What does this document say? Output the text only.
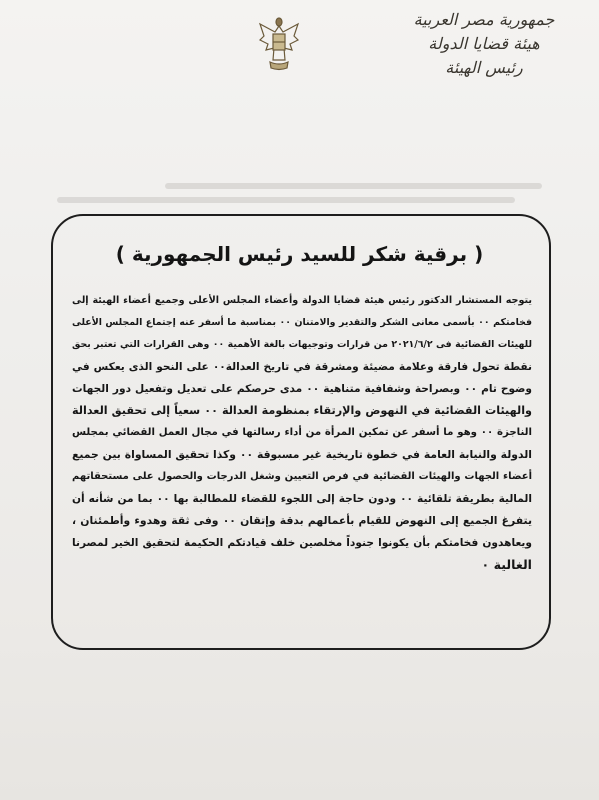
جمهورية مصر العربية
هيئة قضايا الدولة
رئيس الهيئة
( برقية شكر للسيد رئيس الجمهورية )
يتوجه المستشار الدكتور رئيس هيئة قضايا الدولة وأعضاء المجلس الأعلى وجميع أعضاء الهيئة إلى
فخامتكم ٠٠ بأسمى معانى الشكر والتقدير والامتنان ٠٠ بمناسبة ما أسفر عنه إجتماع المجلس الأعلى
للهيئات القضائية فى ٢٠٢١/٦/٢ من قرارات وتوجيهات بالغة الأهمية ٠٠ وهى القرارات التي تعتبر بحق
نقطة تحول فارقة وعلامة مضيئة ومشرقة في تاريخ العدالة٠٠ على النحو الذى يعكس في
وضوح تام ٠٠ وبصراحة وشفافية متناهية ٠٠ مدى حرصكم على تعديل وتفعيل دور الجهات
والهيئات القضائية في النهوض والإرتقاء بمنظومة العدالة ٠٠ سعياً إلى تحقيق العدالة
الناجزة ٠٠ وهو ما أسفر عن تمكين المرأة من أداء رسالتها في مجال العمل القضائي بمجلس
الدولة والنيابة العامة في خطوة تاريخية غير مسبوقة ٠٠ وكذا تحقيق المساواة بين جميع
أعضاء الجهات والهيئات القضائية في فرص التعيين وشغل الدرجات والحصول على مستحقاتهم
المالية بطريقة تلقائية ٠٠ ودون حاجة إلى اللجوء للقضاء للمطالبة بها ٠٠ بما من شأنه أن
يتفرغ الجميع إلى النهوض للقيام بأعمالهم بدقة وإتقان ٠٠ وفى ثقة وهدوء وأطمئنان ،
ويعاهدون فخامتكم بأن يكونوا جنوداً مخلصين خلف قيادتكم الحكيمة لتحقيق الخير لمصرنا
الغالية ٠
